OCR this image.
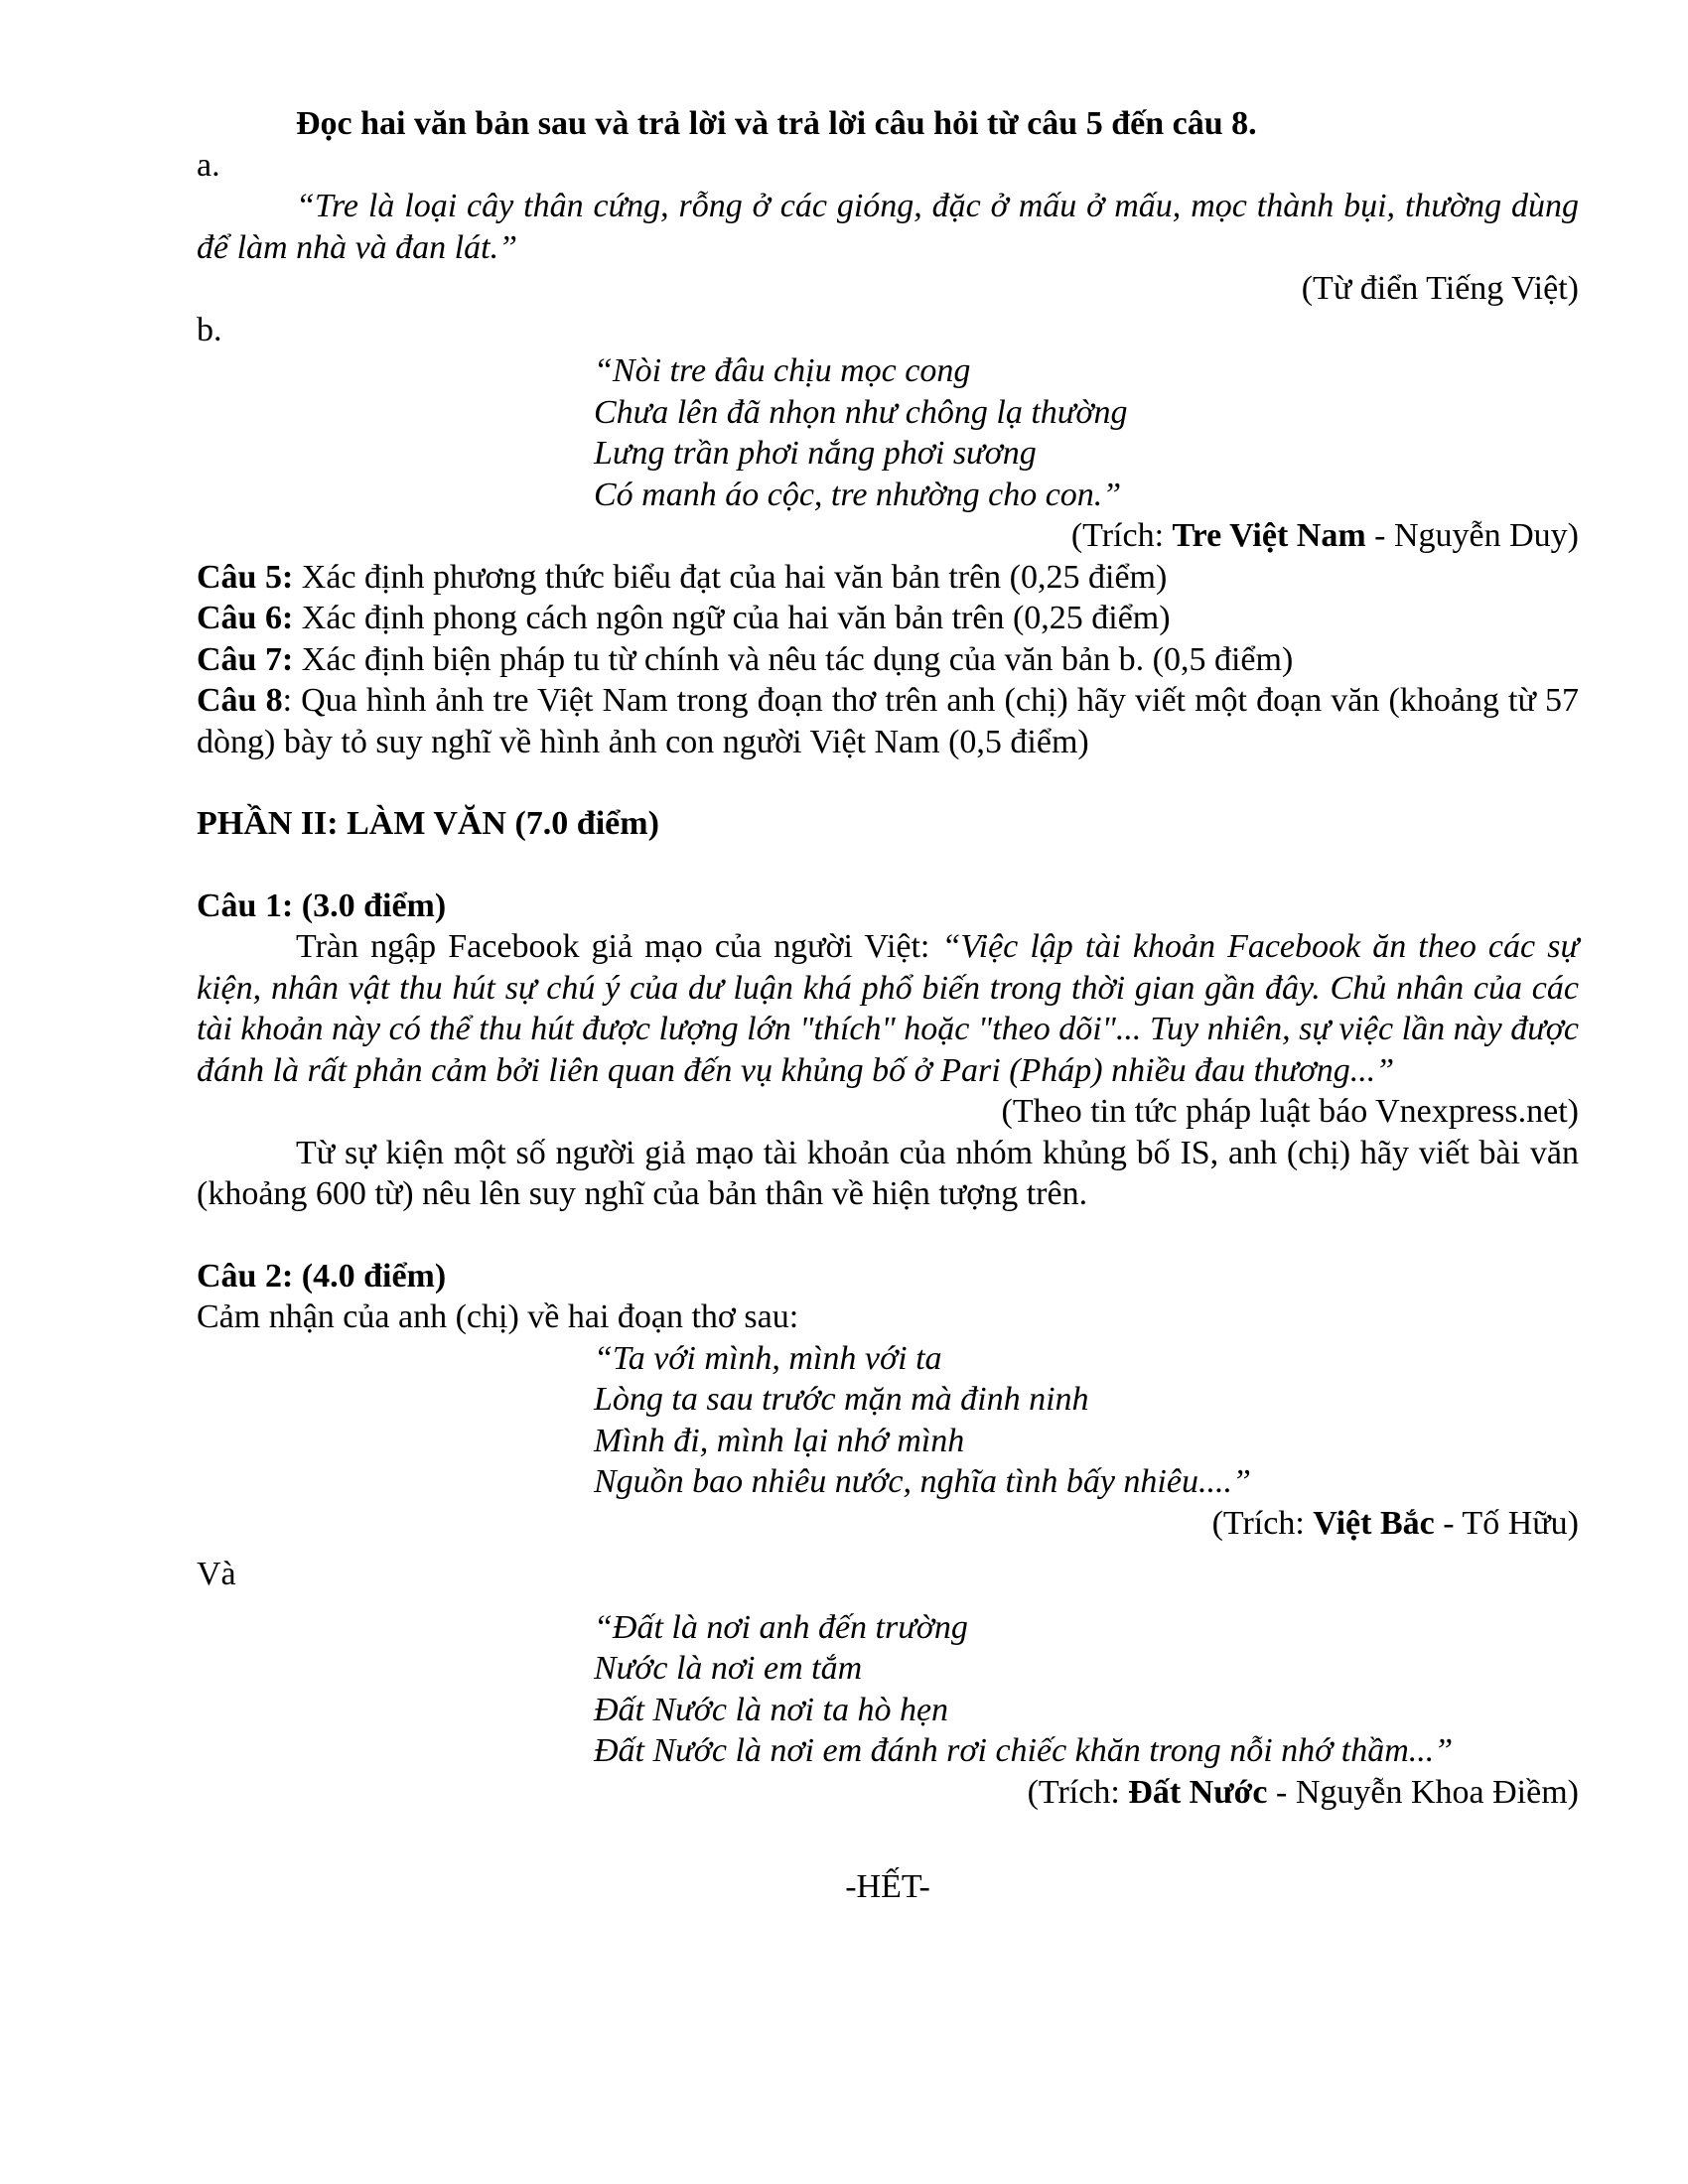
Đọc hai văn bản sau và trả lời và trả lời câu hỏi từ câu 5 đến câu 8.

a.

“Tre là loại cây thân cứng, rỗng ở các gióng, đặc ở mấu ở mấu, mọc thành bụi, thường dùng để làm nhà và đan lát.”

(Từ điển Tiếng Việt)

b.

“Nòi tre đâu chịu mọc cong

Chưa lên đã nhọn như chông lạ thường

Lưng trần phơi nắng phơi sương

Có manh áo cộc, tre nhường cho con.”

(Trích: Tre Việt Nam - Nguyễn Duy)

Câu 5: Xác định phương thức biểu đạt của hai văn bản trên (0,25 điểm)

Câu 6: Xác định phong cách ngôn ngữ của hai văn bản trên (0,25 điểm)

Câu 7: Xác định biện pháp tu từ chính và nêu tác dụng của văn bản b. (0,5 điểm)

Câu 8: Qua hình ảnh tre Việt Nam trong đoạn thơ trên anh (chị) hãy viết một đoạn văn (khoảng từ 57 dòng) bày tỏ suy nghĩ về hình ảnh con người Việt Nam (0,5 điểm)

PHẦN II: LÀM VĂN (7.0 điểm)

Câu 1: (3.0 điểm)

Tràn ngập Facebook giả mạo của người Việt: “Việc lập tài khoản Facebook ăn theo các sự kiện, nhân vật thu hút sự chú ý của dư luận khá phổ biến trong thời gian gần đây. Chủ nhân của các tài khoản này có thể thu hút được lượng lớn "thích" hoặc "theo dõi"... Tuy nhiên, sự việc lần này được đánh là rất phản cảm bởi liên quan đến vụ khủng bố ở Pari (Pháp) nhiều đau thương...”

(Theo tin tức pháp luật báo Vnexpress.net)

Từ sự kiện một số người giả mạo tài khoản của nhóm khủng bố IS, anh (chị) hãy viết bài văn (khoảng 600 từ) nêu lên suy nghĩ của bản thân về hiện tượng trên.

Câu 2: (4.0 điểm)

Cảm nhận của anh (chị) về hai đoạn thơ sau:

“Ta với mình, mình với ta

Lòng ta sau trước mặn mà đinh ninh

Mình đi, mình lại nhớ mình

Nguồn bao nhiêu nước, nghĩa tình bấy nhiêu....”

(Trích: Việt Bắc - Tố Hữu)

Và

“Đất là nơi anh đến trường

Nước là nơi em tắm

Đất Nước là nơi ta hò hẹn

Đất Nước là nơi em đánh rơi chiếc khăn trong nỗi nhớ thầm...”

(Trích: Đất Nước - Nguyễn Khoa Điềm)

-HẾT-
